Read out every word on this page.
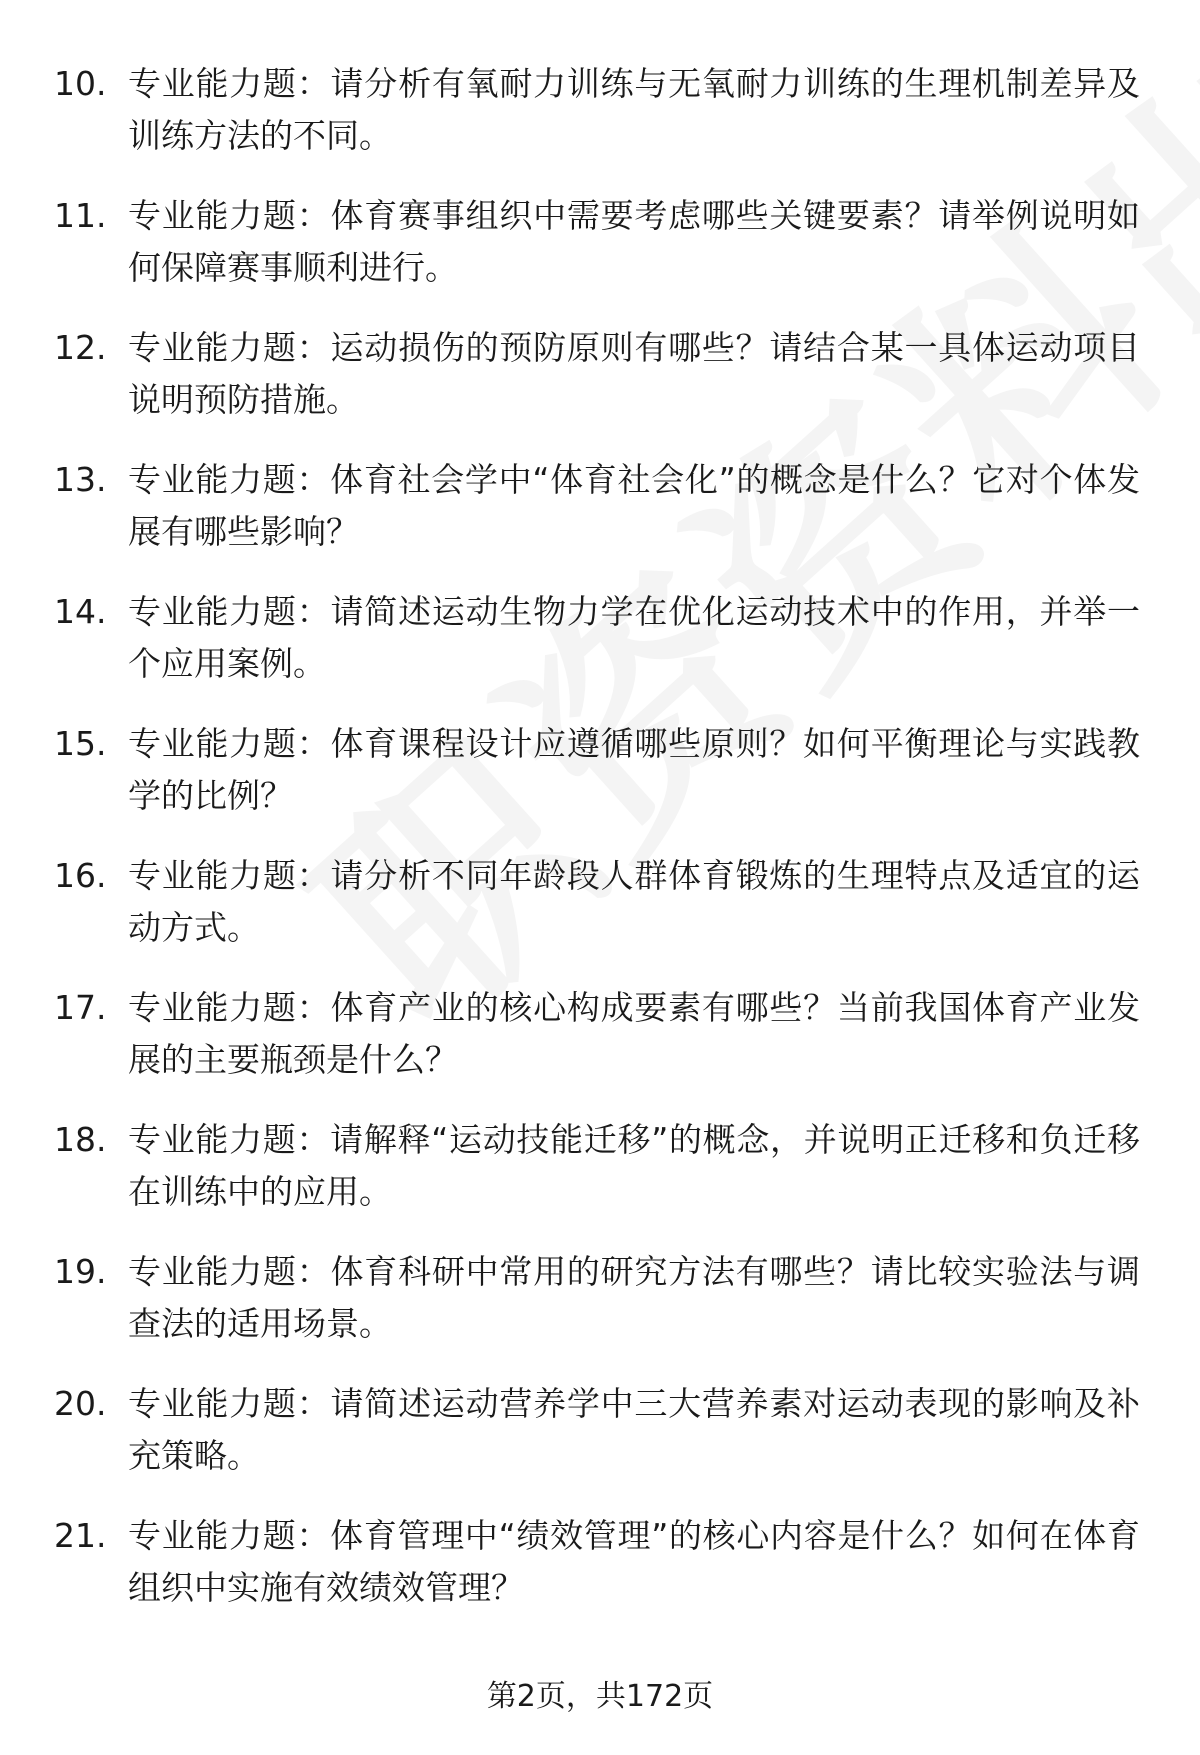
10. 专业能力题：请分析有氧耐力训练与无氧耐力训练的生理机制差异及训练方法的不同。
11. 专业能力题：体育赛事组织中需要考虑哪些关键要素？请举例说明如何保障赛事顺利进行。
12. 专业能力题：运动损伤的预防原则有哪些？请结合某一具体运动项目说明预防措施。
13. 专业能力题：体育社会学中“体育社会化”的概念是什么？它对个体发展有哪些影响？
14. 专业能力题：请简述运动生物力学在优化运动技术中的作用，并举一个应用案例。
15. 专业能力题：体育课程设计应遵循哪些原则？如何平衡理论与实践教学的比例？
16. 专业能力题：请分析不同年龄段人群体育锻炼的生理特点及适宜的运动方式。
17. 专业能力题：体育产业的核心构成要素有哪些？当前我国体育产业发展的主要瓶颈是什么？
18. 专业能力题：请解释“运动技能迁移”的概念，并说明正迁移和负迁移在训练中的应用。
19. 专业能力题：体育科研中常用的研究方法有哪些？请比较实验法与调查法的适用场景。
20. 专业能力题：请简述运动营养学中三大营养素对运动表现的影响及补充策略。
21. 专业能力题：体育管理中“绩效管理”的核心内容是什么？如何在体育组织中实施有效绩效管理？
第2页，共172页
